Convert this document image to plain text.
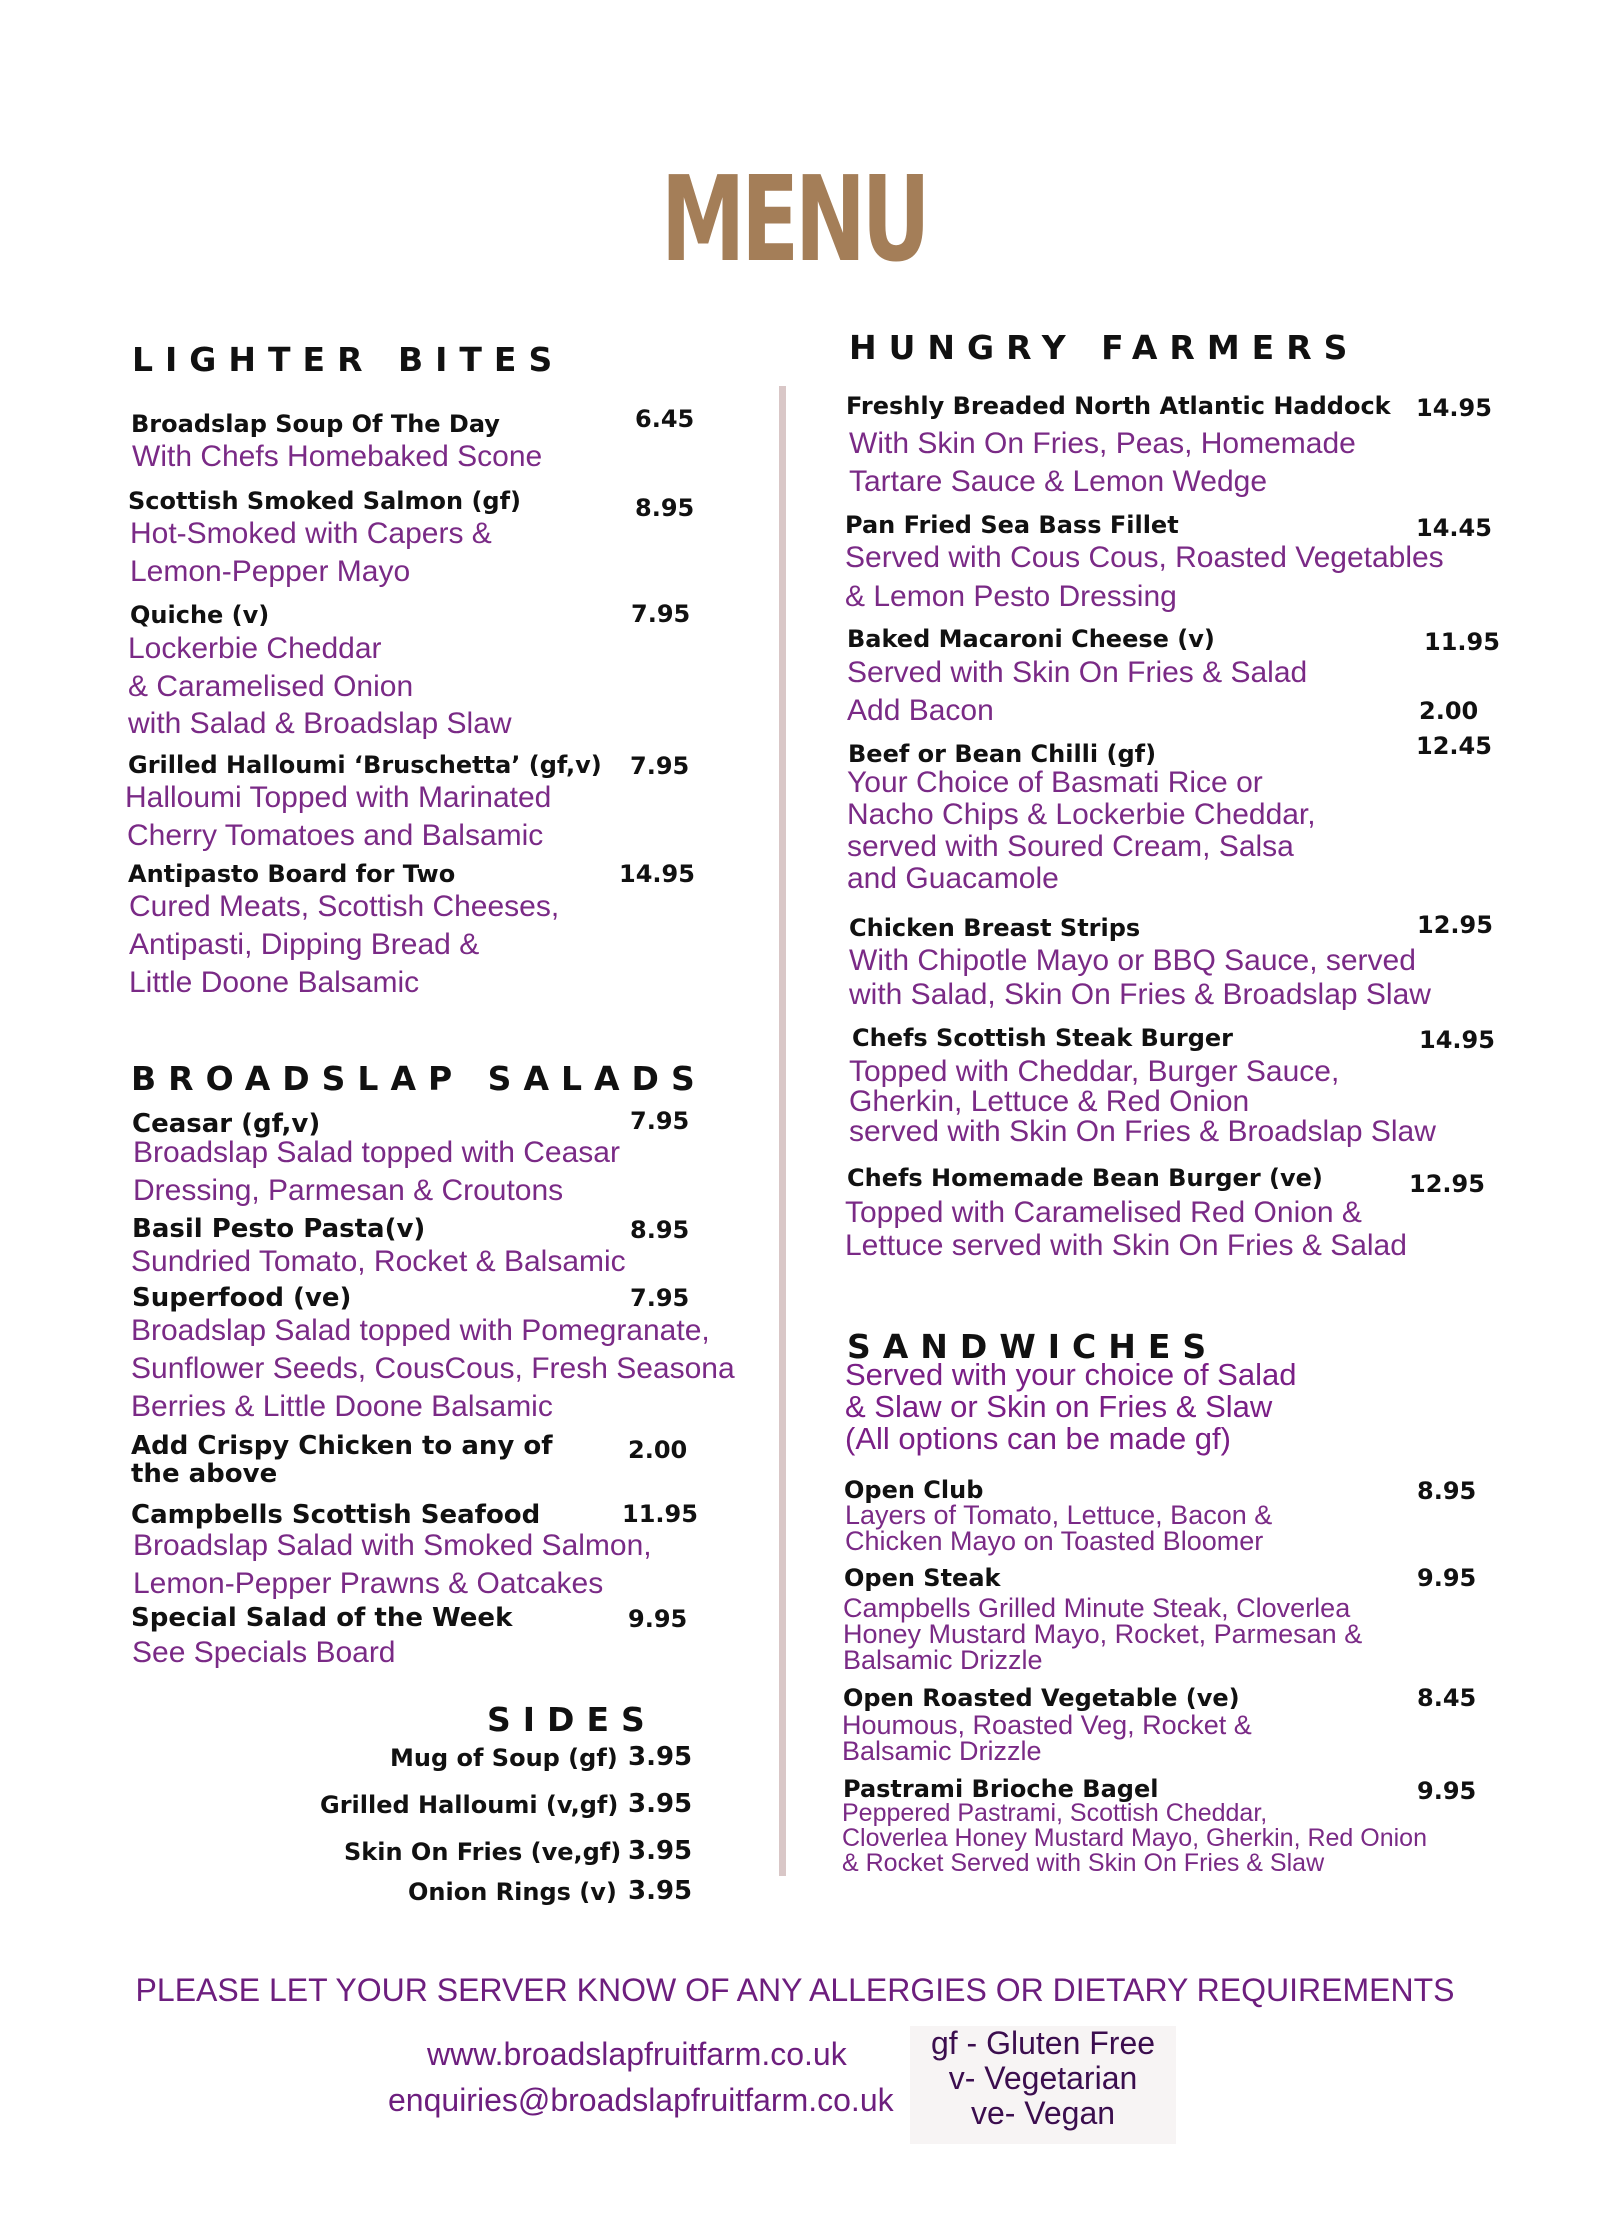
MENU
LIGHTER BITES
Broadslap Soup Of The Day	6.45
With Chefs Homebaked Scone
Scottish Smoked Salmon (gf)	8.95
Hot-Smoked with Capers &
Lemon-Pepper Mayo
Quiche (v)	7.95
Lockerbie Cheddar
& Caramelised Onion
with Salad & Broadslap Slaw
Grilled Halloumi ‘Bruschetta’ (gf,v) 7.95
Halloumi Topped with Marinated
Cherry Tomatoes and Balsamic
Antipasto Board for Two	14.95
Cured Meats, Scottish Cheeses,
Antipasti, Dipping Bread &
Little Doone Balsamic
BROADSLAP SALADS
Ceasar (gf,v)	7.95
Broadslap Salad topped with Ceasar
Dressing, Parmesan & Croutons
Basil Pesto Pasta(v)	8.95
Sundried Tomato, Rocket & Balsamic
Superfood (ve)	7.95
Broadslap Salad topped with Pomegranate,
Sunflower Seeds, CousCous, Fresh Seasona
Berries & Little Doone Balsamic
Add Crispy Chicken to any of
the above
2.00
Campbells Scottish Seafood	11.95
Broadslap Salad with Smoked Salmon,
Lemon-Pepper Prawns & Oatcakes
Special Salad of the Week	9.95
See Specials Board
SIDES
Mug of Soup (gf) 3.95
Grilled Halloumi (v,gf) 3.95
Skin On Fries (ve,gf) 3.95
Onion Rings (v) 3.95
HUNGRY FARMERS
Freshly Breaded North Atlantic Haddock 14.95
With Skin On Fries, Peas, Homemade
Tartare Sauce & Lemon Wedge
Pan Fried Sea Bass Fillet	14.45
Served with Cous Cous, Roasted Vegetables
& Lemon Pesto Dressing
Baked Macaroni Cheese (v)	11.95
Served with Skin On Fries & Salad
Add Bacon	2.00
Beef or Bean Chilli (gf)	12.45
Your Choice of Basmati Rice or
Nacho Chips & Lockerbie Cheddar,
served with Soured Cream, Salsa
and Guacamole
Chicken Breast Strips	12.95
With Chipotle Mayo or BBQ Sauce, served
with Salad, Skin On Fries & Broadslap Slaw
Chefs Scottish Steak Burger	14.95
Topped with Cheddar, Burger Sauce,
Gherkin, Lettuce & Red Onion
served with Skin On Fries & Broadslap Slaw
Chefs Homemade Bean Burger (ve)	12.95
Topped with Caramelised Red Onion &
Lettuce served with Skin On Fries & Salad
SANDWICHES
Served with your choice of Salad
& Slaw or Skin on Fries & Slaw
(All options can be made gf)
Open Club	8.95
Layers of Tomato, Lettuce, Bacon &
Chicken Mayo on Toasted Bloomer
Open Steak	9.95
Campbells Grilled Minute Steak, Cloverlea
Honey Mustard Mayo, Rocket, Parmesan &
Balsamic Drizzle
Open Roasted Vegetable (ve)	8.45
Houmous, Roasted Veg, Rocket &
Balsamic Drizzle
Pastrami Brioche Bagel	9.95
Peppered Pastrami, Scottish Cheddar,
Cloverlea Honey Mustard Mayo, Gherkin, Red Onion
& Rocket Served with Skin On Fries & Slaw
PLEASE LET YOUR SERVER KNOW OF ANY ALLERGIES OR DIETARY REQUIREMENTS
www.broadslapfruitfarm.co.uk
enquiries@broadslapfruitfarm.co.uk
gf - Gluten Free
v- Vegetarian
ve- Vegan
